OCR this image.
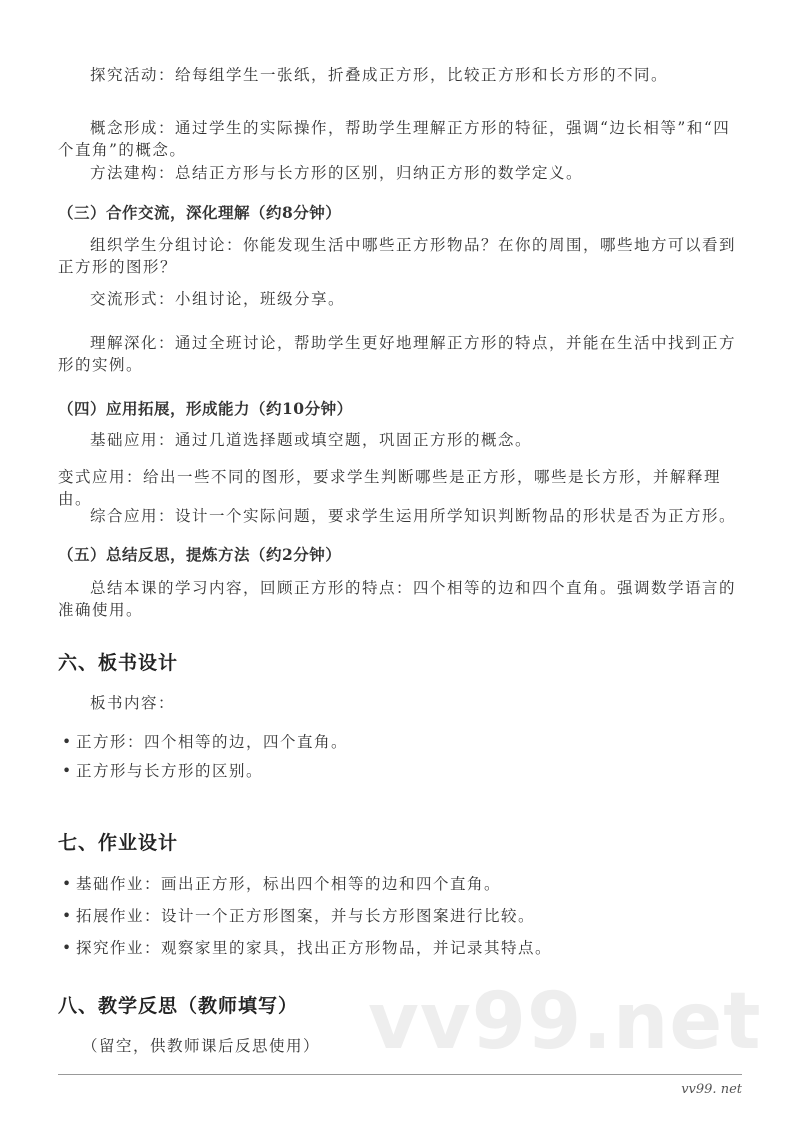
vv99.net

探究活动：给每组学生一张纸，折叠成正方形，比较正方形和长方形的不同。

概念形成：通过学生的实际操作，帮助学生理解正方形的特征，强调“边长相等”和“四个直角”的概念。

方法建构：总结正方形与长方形的区别，归纳正方形的数学定义。

（三）合作交流，深化理解（约8分钟）

组织学生分组讨论：你能发现生活中哪些正方形物品？在你的周围，哪些地方可以看到正方形的图形？

交流形式：小组讨论，班级分享。

理解深化：通过全班讨论，帮助学生更好地理解正方形的特点，并能在生活中找到正方形的实例。

（四）应用拓展，形成能力（约10分钟）

基础应用：通过几道选择题或填空题，巩固正方形的概念。

变式应用：给出一些不同的图形，要求学生判断哪些是正方形，哪些是长方形，并解释理由。

综合应用：设计一个实际问题，要求学生运用所学知识判断物品的形状是否为正方形。

（五）总结反思，提炼方法（约2分钟）

总结本课的学习内容，回顾正方形的特点：四个相等的边和四个直角。强调数学语言的准确使用。

六、板书设计

板书内容：

• 正方形：四个相等的边，四个直角。
• 正方形与长方形的区别。
七、作业设计
• 基础作业：画出正方形，标出四个相等的边和四个直角。
• 拓展作业：设计一个正方形图案，并与长方形图案进行比较。
• 探究作业：观察家里的家具，找出正方形物品，并记录其特点。
八、教学反思（教师填写）

（留空，供教师课后反思使用）

vv99. net
